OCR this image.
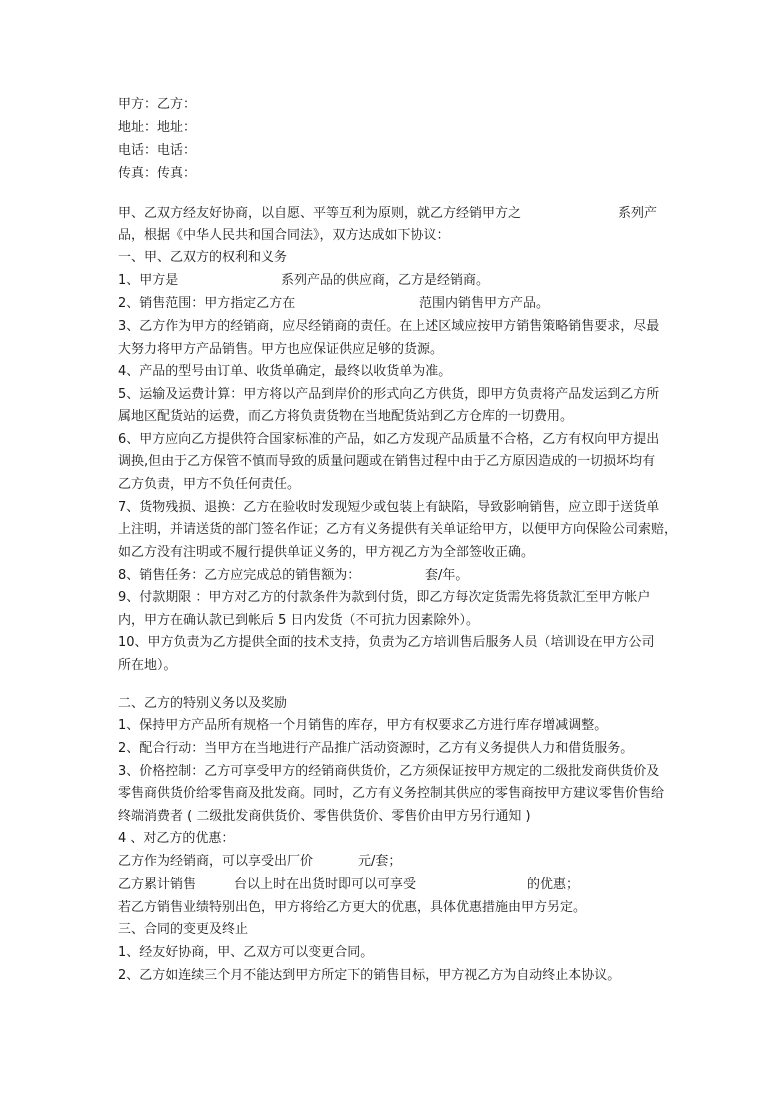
甲方：乙方：
地址：地址：
电话：电话：
传真：传真：
甲、乙双方经友好协商，以自愿、平等互利为原则，就乙方经销甲方之	系列产
品，根据《中华人民共和国合同法》，双方达成如下协议：
一、甲、乙双方的权利和义务
1、甲方是	系列产品的供应商，乙方是经销商。
2、销售范围：甲方指定乙方在	范围内销售甲方产品。
3、乙方作为甲方的经销商，应尽经销商的责任。在上述区域应按甲方销售策略销售要求，尽最
大努力将甲方产品销售。甲方也应保证供应足够的货源。
4、产品的型号由订单、收货单确定，最终以收货单为准。
5、运输及运费计算：甲方将以产品到岸价的形式向乙方供货，即甲方负责将产品发运到乙方所
属地区配货站的运费，而乙方将负责货物在当地配货站到乙方仓库的一切费用。
6、甲方应向乙方提供符合国家标准的产品，如乙方发现产品质量不合格，乙方有权向甲方提出
调换,但由于乙方保管不慎而导致的质量问题或在销售过程中由于乙方原因造成的一切损坏均有
乙方负责，甲方不负任何责任。
7、货物残损、退换：乙方在验收时发现短少或包装上有缺陷，导致影响销售，应立即于送货单
上注明，并请送货的部门签名作证；乙方有义务提供有关单证给甲方，以便甲方向保险公司索赔，
如乙方没有注明或不履行提供单证义务的，甲方视乙方为全部签收正确。
8、销售任务：乙方应完成总的销售额为：	套/年。
9、付款期限 ：甲方对乙方的付款条件为款到付货，即乙方每次定货需先将货款汇至甲方帐户
内，甲方在确认款已到帐后 5 日内发货（不可抗力因素除外）。
10、甲方负责为乙方提供全面的技术支持，负责为乙方培训售后服务人员（培训设在甲方公司
所在地）。
二、乙方的特别义务以及奖励
1、保持甲方产品所有规格一个月销售的库存，甲方有权要求乙方进行库存增减调整。
2、配合行动：当甲方在当地进行产品推广活动资源时，乙方有义务提供人力和借货服务。
3、价格控制：乙方可享受甲方的经销商供货价，乙方须保证按甲方规定的二级批发商供货价及
零售商供货价给零售商及批发商。同时，乙方有义务控制其供应的零售商按甲方建议零售价售给
终端消费者 ( 二级批发商供货价、零售供货价、零售价由甲方另行通知 )
4 、对乙方的优惠：
乙方作为经销商，可以享受出厂价	元/套；
乙方累计销售	台以上时在出货时即可以可享受	的优惠；
若乙方销售业绩特别出色，甲方将给乙方更大的优惠，具体优惠措施由甲方另定。
三、合同的变更及终止
1、经友好协商，甲、乙双方可以变更合同。
2、乙方如连续三个月不能达到甲方所定下的销售目标，甲方视乙方为自动终止本协议。
